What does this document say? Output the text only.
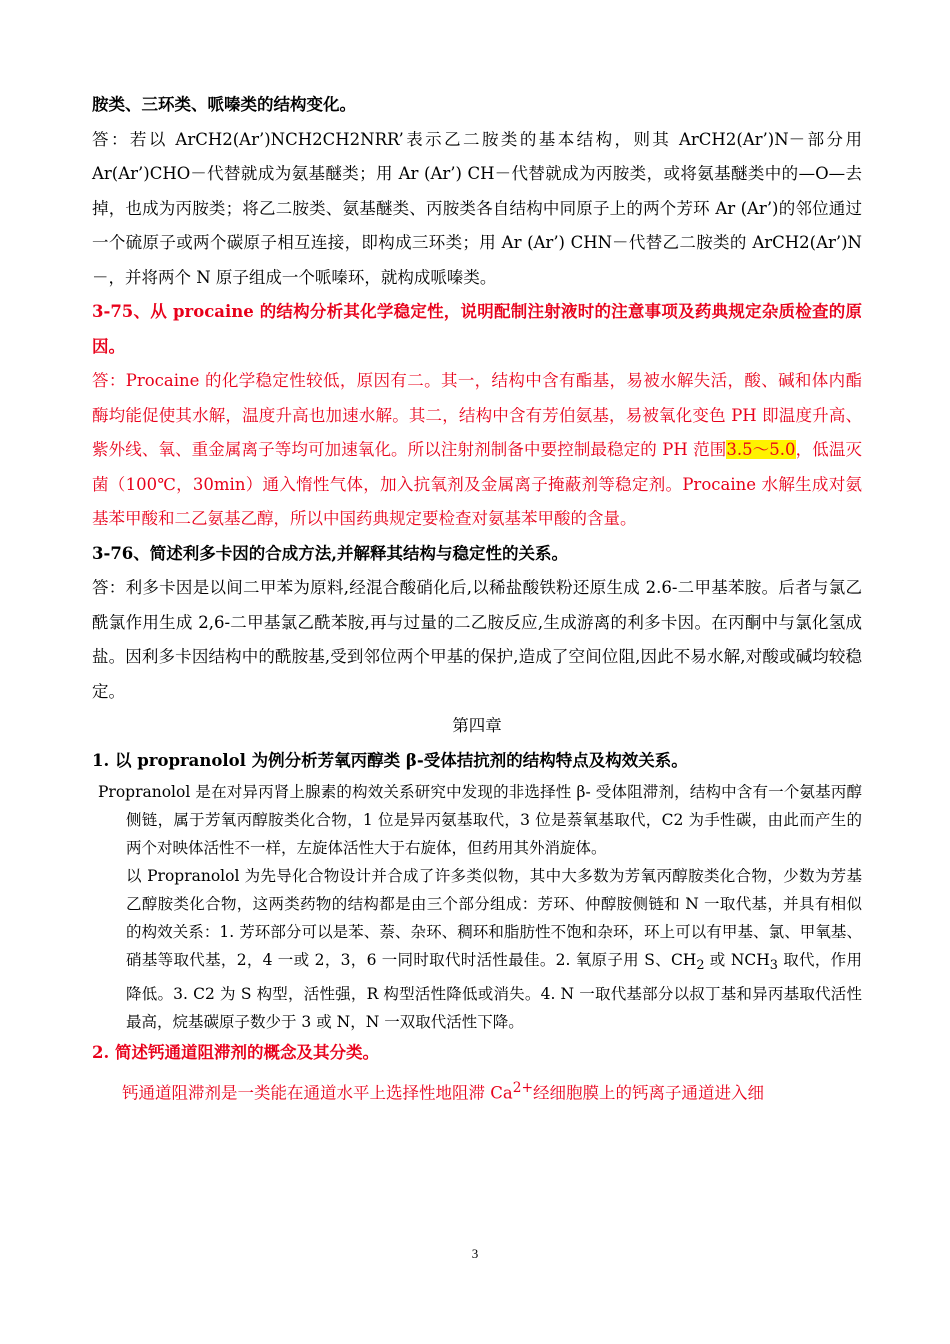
胺类、三环类、哌嗪类的结构变化。

答：若以 ArCH2(Ar’)NCH2CH2NRR’表示乙二胺类的基本结构，则其 ArCH2(Ar’)N－部分用 Ar(Ar’)CHO－代替就成为氨基醚类；用 Ar (Ar’) CH－代替就成为丙胺类，或将氨基醚类中的—O—去掉，也成为丙胺类；将乙二胺类、氨基醚类、丙胺类各自结构中同原子上的两个芳环 Ar (Ar’)的邻位通过一个硫原子或两个碳原子相互连接，即构成三环类；用 Ar (Ar’) CHN－代替乙二胺类的 ArCH2(Ar’)N－，并将两个 N 原子组成一个哌嗪环，就构成哌嗪类。

3-75、从 procaine 的结构分析其化学稳定性，说明配制注射液时的注意事项及药典规定杂质检查的原因。

答：Procaine 的化学稳定性较低，原因有二。其一，结构中含有酯基，易被水解失活，酸、碱和体内酯酶均能促使其水解，温度升高也加速水解。其二，结构中含有芳伯氨基，易被氧化变色 PH 即温度升高、紫外线、氧、重金属离子等均可加速氧化。所以注射剂制备中要控制最稳定的 PH 范围3.5～5.0，低温灭菌（100℃，30min）通入惰性气体，加入抗氧剂及金属离子掩蔽剂等稳定剂。Procaine 水解生成对氨基苯甲酸和二乙氨基乙醇，所以中国药典规定要检查对氨基苯甲酸的含量。

3-76、简述利多卡因的合成方法,并解释其结构与稳定性的关系。

答：利多卡因是以间二甲苯为原料,经混合酸硝化后,以稀盐酸铁粉还原生成 2.6-二甲基苯胺。后者与氯乙酰氯作用生成 2,6-二甲基氯乙酰苯胺,再与过量的二乙胺反应,生成游离的利多卡因。在丙酮中与氯化氢成盐。因利多卡因结构中的酰胺基,受到邻位两个甲基的保护,造成了空间位阻,因此不易水解,对酸或碱均较稳定。

第四章

1. 以 propranolol 为例分析芳氧丙醇类 β-受体拮抗剂的结构特点及构效关系。

Propranolol 是在对异丙肾上腺素的构效关系研究中发现的非选择性 β- 受体阻滞剂，结构中含有一个氨基丙醇侧链，属于芳氧丙醇胺类化合物，1 位是异丙氨基取代，3 位是萘氧基取代，C2 为手性碳，由此而产生的两个对映体活性不一样，左旋体活性大于右旋体，但药用其外消旋体。

以 Propranolol 为先导化合物设计并合成了许多类似物，其中大多数为芳氧丙醇胺类化合物，少数为芳基乙醇胺类化合物，这两类药物的结构都是由三个部分组成：芳环、仲醇胺侧链和 N 一取代基，并具有相似的构效关系：1. 芳环部分可以是苯、萘、杂环、稠环和脂肪性不饱和杂环，环上可以有甲基、氯、甲氧基、硝基等取代基，2，4 一或 2，3，6 一同时取代时活性最佳。2. 氧原子用 S、$CH_2$ 或 $NCH_3$ 取代，作用降低。3. C2 为 S 构型，活性强，R 构型活性降低或消失。4. N 一取代基部分以叔丁基和异丙基取代活性最高，烷基碳原子数少于 3 或 N，N 一双取代活性下降。

2. 简述钙通道阻滞剂的概念及其分类。

钙通道阻滞剂是一类能在通道水平上选择性地阻滞 $Ca^{2+}$经细胞膜上的钙离子通道进入细

3
